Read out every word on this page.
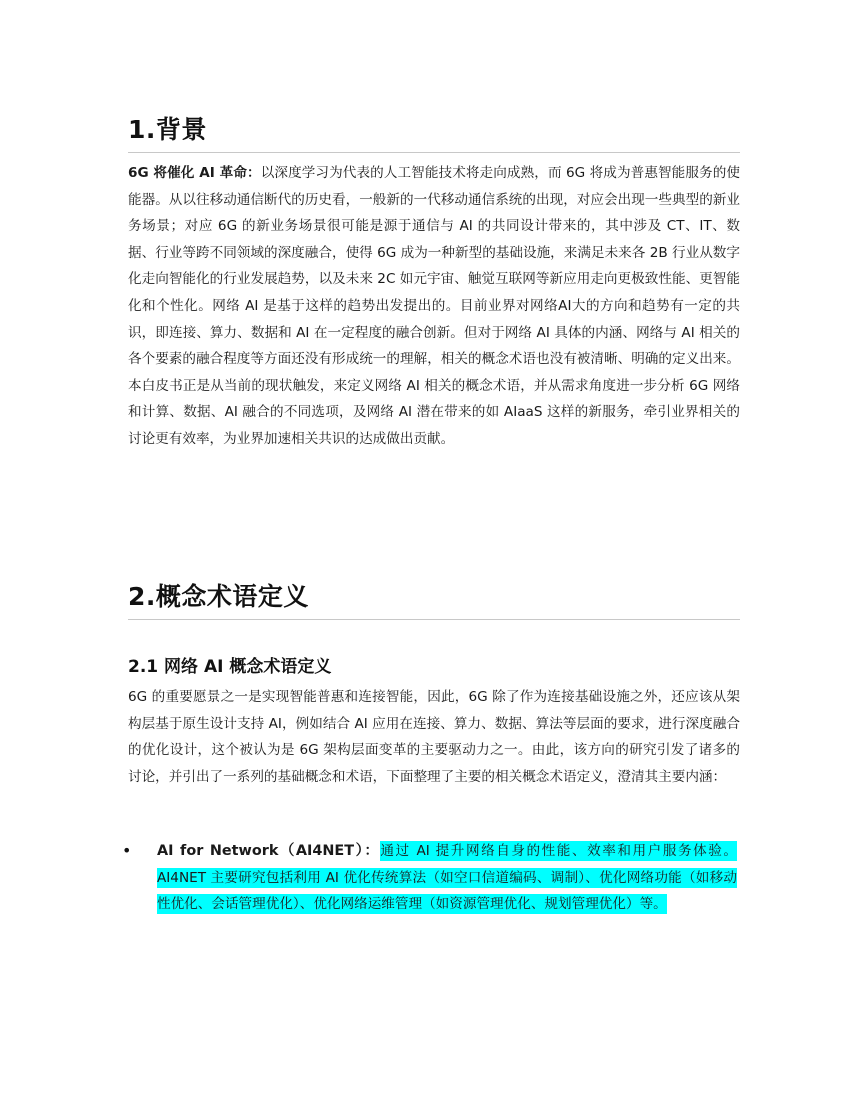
1.背景

6G 将催化 AI 革命：以深度学习为代表的人工智能技术将走向成熟，而 6G 将成为普惠智能服务的使能器。从以往移动通信断代的历史看，一般新的一代移动通信系统的出现，对应会出现一些典型的新业务场景；对应 6G 的新业务场景很可能是源于通信与 AI 的共同设计带来的，其中涉及 CT、IT、数据、行业等跨不同领域的深度融合，使得 6G 成为一种新型的基础设施，来满足未来各 2B 行业从数字化走向智能化的行业发展趋势，以及未来 2C 如元宇宙、触觉互联网等新应用走向更极致性能、更智能化和个性化。网络 AI 是基于这样的趋势出发提出的。目前业界对网络AI大的方向和趋势有一定的共识，即连接、算力、数据和 AI 在一定程度的融合创新。但对于网络 AI 具体的内涵、网络与 AI 相关的各个要素的融合程度等方面还没有形成统一的理解，相关的概念术语也没有被清晰、明确的定义出来。本白皮书正是从当前的现状触发，来定义网络 AI 相关的概念术语，并从需求角度进一步分析 6G 网络和计算、数据、AI 融合的不同选项，及网络 AI 潜在带来的如 AIaaS 这样的新服务，牵引业界相关的讨论更有效率，为业界加速相关共识的达成做出贡献。

2.概念术语定义
2.1 网络 AI 概念术语定义

6G 的重要愿景之一是实现智能普惠和连接智能，因此，6G 除了作为连接基础设施之外，还应该从架构层基于原生设计支持 AI，例如结合 AI 应用在连接、算力、数据、算法等层面的要求，进行深度融合的优化设计，这个被认为是 6G 架构层面变革的主要驱动力之一。由此，该方向的研究引发了诸多的讨论，并引出了一系列的基础概念和术语，下面整理了主要的相关概念术语定义，澄清其主要内涵：

• AI for Network（AI4NET）：通过 AI 提升网络自身的性能、效率和用户服务体验。AI4NET 主要研究包括利用 AI 优化传统算法（如空口信道编码、调制）、优化网络功能（如移动性优化、会话管理优化）、优化网络运维管理（如资源管理优化、规划管理优化）等。
